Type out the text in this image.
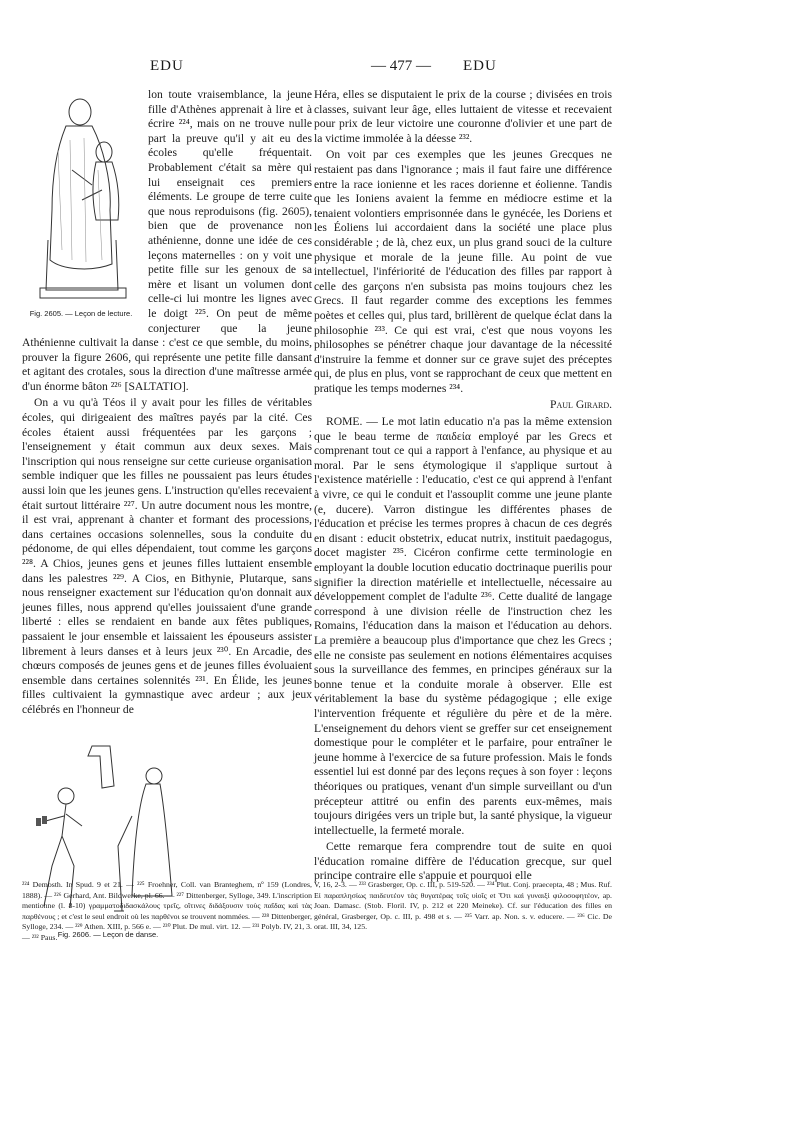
EDU	— 477 — EDU
Fig. 2605. — Leçon de lecture.

lon toute vraisemblance, la jeune fille d'Athènes apprenait à lire et à écrire ²²⁴, mais on ne trouve nulle part la preuve qu'il y ait eu des écoles qu'elle fréquentait. Probablement c'était sa mère qui lui enseignait ces premiers éléments. Le groupe de terre cuite que nous reproduisons (fig. 2605), bien que de provenance non athénienne, donne une idée de ces leçons maternelles : on y voit une petite fille sur les genoux de sa mère et lisant un volumen dont celle-ci lui montre les lignes avec le doigt ²²⁵. On peut de même conjecturer que la jeune Athénienne cultivait la danse : c'est ce que semble, du moins, prouver la figure 2606, qui représente une petite fille dansant et agitant des crotales, sous la direction d'une maîtresse armée d'un énorme bâton ²²⁶ [SALTATIO].

On a vu qu'à Téos il y avait pour les filles de véritables écoles, qui dirigeaient des maîtres payés par la cité. Ces écoles étaient aussi fréquentées par les garçons ; l'enseignement y était commun aux deux sexes. Mais l'inscription qui nous renseigne sur cette curieuse organisation semble indiquer que les filles ne poussaient pas leurs études aussi loin que les jeunes gens. L'instruction qu'elles recevaient était surtout littéraire ²²⁷. Un autre document nous les montre, il est vrai, apprenant à chanter et formant des processions, dans certaines occasions solennelles, sous la conduite du pédonome, de qui elles dépendaient, tout comme les garçons ²²⁸. A Chios, jeunes gens et jeunes filles luttaient ensemble dans les palestres ²²⁹. A Cios, en Bithynie, Plutarque, sans nous renseigner exactement sur l'éducation qu'on donnait aux jeunes filles, nous apprend qu'elles jouissaient d'une grande liberté : elles se rendaient en bande aux fêtes publiques, passaient le jour ensemble et laissaient les épouseurs assister librement à leurs danses et à leurs jeux ²³⁰. En Arcadie, des chœurs composés de jeunes gens et de jeunes filles évoluaient ensemble dans certaines solennités ²³¹. En Élide, les jeunes filles cultivaient la gymnastique avec ardeur ; aux jeux célébrés en l'honneur de

Fig. 2606. — Leçon de danse.

Héra, elles se disputaient le prix de la course ; divisées en trois classes, suivant leur âge, elles luttaient de vitesse et recevaient pour prix de leur victoire une couronne d'olivier et une part de la victime immolée à la déesse ²³².

On voit par ces exemples que les jeunes Grecques ne restaient pas dans l'ignorance ; mais il faut faire une différence entre la race ionienne et les races dorienne et éolienne. Tandis que les Ioniens avaient la femme en médiocre estime et la tenaient volontiers emprisonnée dans le gynécée, les Doriens et les Éoliens lui accordaient dans la société une place plus considérable ; de là, chez eux, un plus grand souci de la culture physique et morale de la jeune fille. Au point de vue intellectuel, l'infériorité de l'éducation des filles par rapport à celle des garçons n'en subsista pas moins toujours chez les Grecs. Il faut regarder comme des exceptions les femmes poètes et celles qui, plus tard, brillèrent de quelque éclat dans la philosophie ²³³. Ce qui est vrai, c'est que nous voyons les philosophes se pénétrer chaque jour davantage de la nécessité d'instruire la femme et donner sur ce grave sujet des préceptes qui, de plus en plus, vont se rapprochant de ceux que mettent en pratique les temps modernes ²³⁴.

Paul Girard.

ROME. — Le mot latin educatio n'a pas la même extension que le beau terme de παιδεία employé par les Grecs et comprenant tout ce qui a rapport à l'enfance, au physique et au moral. Par le sens étymologique il s'applique surtout à l'existence matérielle : l'educatio, c'est ce qui apprend à l'enfant à vivre, ce qui le conduit et l'assouplit comme une jeune plante (e, ducere). Varron distingue les différentes phases de l'éducation et précise les termes propres à chacun de ces degrés en disant : educit obstetrix, educat nutrix, instituit paedagogus, docet magister ²³⁵. Cicéron confirme cette terminologie en employant la double locution educatio doctrinaque puerilis pour signifier la direction matérielle et intellectuelle, nécessaire au développement complet de l'adulte ²³⁶. Cette dualité de langage correspond à une division réelle de l'instruction chez les Romains, l'éducation dans la maison et l'éducation au dehors. La première a beaucoup plus d'importance que chez les Grecs ; elle ne consiste pas seulement en notions élémentaires acquises sous la surveillance des femmes, en principes généraux sur la bonne tenue et la conduite morale à observer. Elle est véritablement la base du système pédagogique ; elle exige l'intervention fréquente et régulière du père et de la mère. L'enseignement du dehors vient se greffer sur cet enseignement domestique pour le compléter et le parfaire, pour entraîner le jeune homme à l'exercice de sa future profession. Mais le fonds essentiel lui est donné par des leçons reçues à son foyer : leçons théoriques ou pratiques, venant d'un simple surveillant ou d'un précepteur attitré ou enfin des parents eux-mêmes, mais toujours dirigées vers un triple but, la santé physique, la vigueur intellectuelle, la fermeté morale.

Cette remarque fera comprendre tout de suite en quoi l'éducation romaine diffère de l'éducation grecque, sur quel principe contraire elle s'appuie et pourquoi elle

²²⁴ Demosth. In Spud. 9 et 21. — ²²⁵ Froehner, Coll. van Branteghem, nº 159 (Londres, 1888). — ²²⁶ Gerhard, Ant. Bildwerke, pl. 66. — ²²⁷ Dittenberger, Sylloge, 349. L'inscription mentionne (l. 8-10) γραμματοδιδασκάλους τρεῖς, οἵτινες διδάξουσιν τοὺς παῖδας καὶ τὰς παρθένους ; et c'est le seul endroit où les παρθένοι se trouvent nommées. — ²²⁸ Dittenberger, Sylloge, 234. — ²²⁹ Athen. XIII, p. 566 e. — ²³⁰ Plut. De mul. virt. 12. — ²³¹ Polyb. IV, 21, 3. — ²³² Paus.
V, 16, 2-3. — ²³³ Grasberger, Op. c. III, p. 519-520. — ²³⁴ Plut. Conj. praecepta, 48 ; Mus. Ruf. Εἰ παραπλησίως παιδευτέον τὰς θυγατέρας τοῖς υἱοῖς et Ὅτι καὶ γυναιξὶ φιλοσοφητέον, ap. Joan. Damasc. (Stob. Floril. IV, p. 212 et 220 Meineke). Cf. sur l'éducation des filles en général, Grasberger, Op. c. III, p. 498 et s. — ²³⁵ Varr. ap. Non. s. v. educere. — ²³⁶ Cic. De orat. III, 34, 125.
